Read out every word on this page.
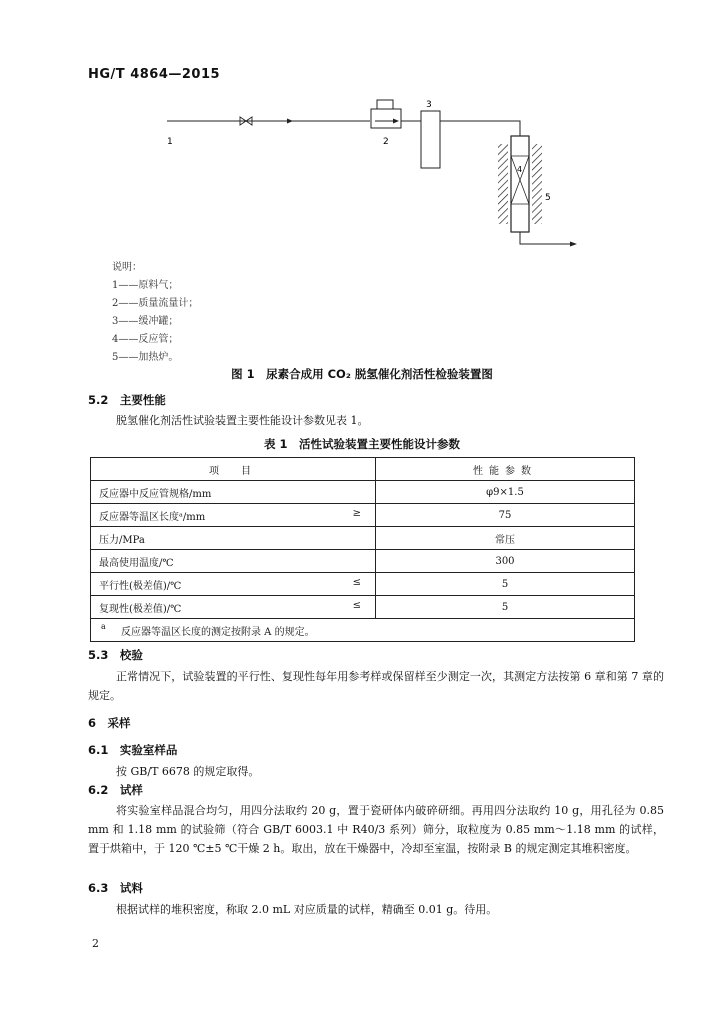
HG/T 4864—2015
1	2
3
4
5
说明：
1——原料气；
2——质量流量计；
3——缓冲罐；
4——反应管；
5——加热炉。
图 1　尿素合成用 CO₂ 脱氢催化剂活性检验装置图
5.2　主要性能
脱氢催化剂活性试验装置主要性能设计参数见表 1。
表 1　活性试验装置主要性能设计参数
项　目	性能参数
反应器中反应管规格/mm	φ9×1.5
反应器等温区长度ᵃ/mm ≥	75
压力/MPa	常压
最高使用温度/℃	300
平行性(极差值)/℃ ≤	5
复现性(极差值)/℃ ≤	5

a 反应器等温区长度的测定按附录 A 的规定。	
5.3　校验
正常情况下，试验装置的平行性、复现性每年用参考样或保留样至少测定一次，其测定方法按第 6 章和第 7 章的规定。
6　采样
6.1　实验室样品
按 GB/T 6678 的规定取得。
6.2　试样
将实验室样品混合均匀，用四分法取约 20 g，置于瓷研体内破碎研细。再用四分法取约 10 g，用孔径为 0.85 mm 和 1.18 mm 的试验筛（符合 GB/T 6003.1 中 R40/3 系列）筛分，取粒度为 0.85 mm～1.18 mm 的试样，置于烘箱中，于 120 ℃±5 ℃干燥 2 h。取出，放在干燥器中，冷却至室温，按附录 B 的规定测定其堆积密度。
6.3　试料
根据试样的堆积密度，称取 2.0 mL 对应质量的试样，精确至 0.01 g。待用。
2
